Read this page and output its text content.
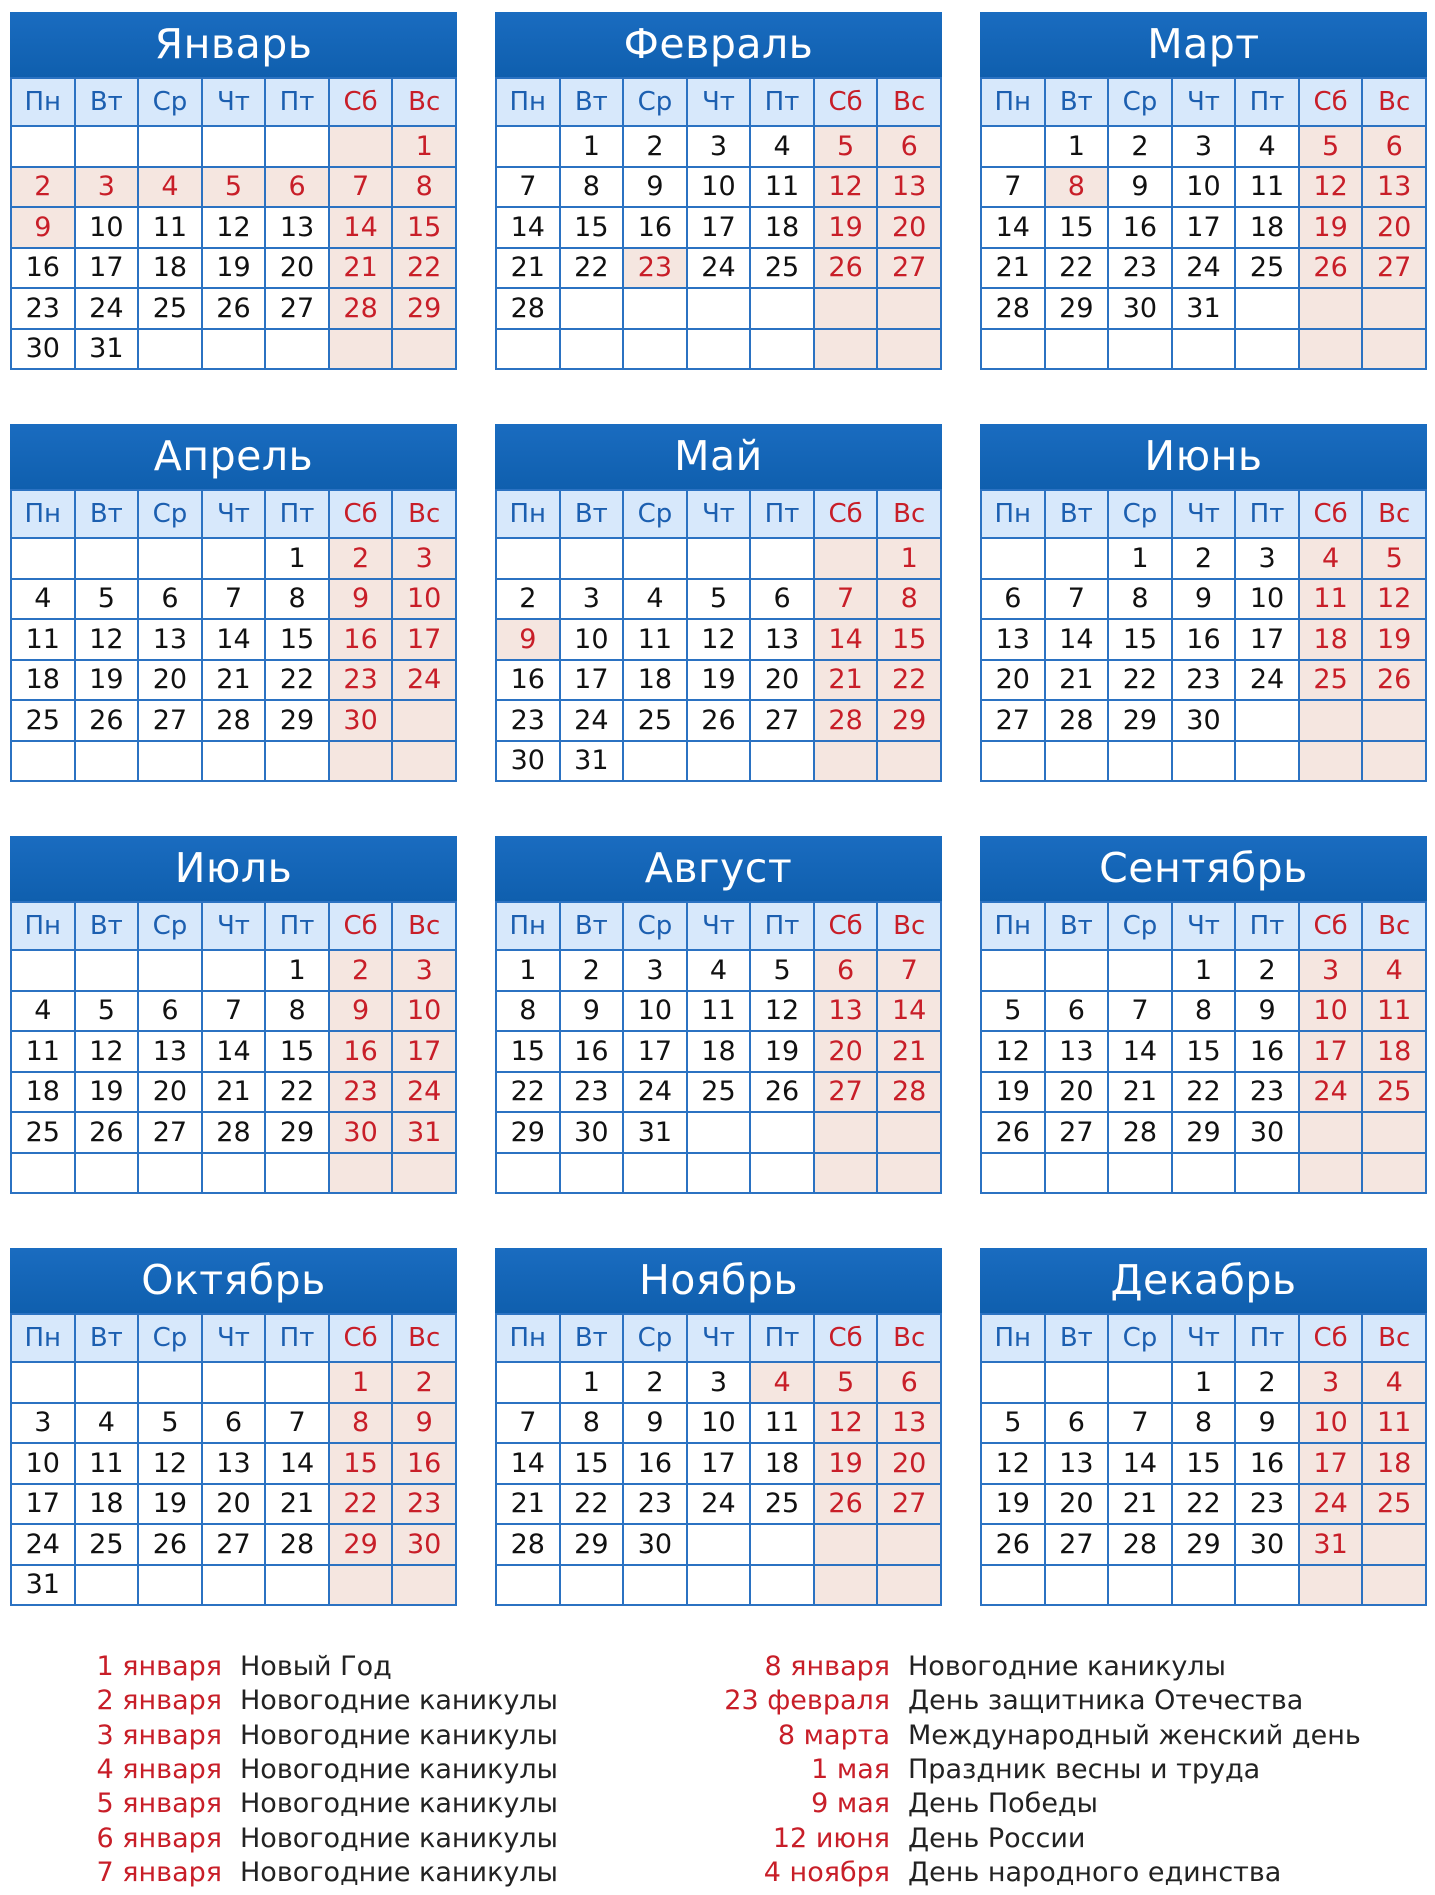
Январь
Пн	Вт	Ср	Чт	Пт	Сб	Вс
						1
2	3	4	5	6	7	8
9	10	11	12	13	14	15
16	17	18	19	20	21	22
23	24	25	26	27	28	29
30	31					
Февраль
Пн	Вт	Ср	Чт	Пт	Сб	Вс
	1	2	3	4	5	6
7	8	9	10	11	12	13
14	15	16	17	18	19	20
21	22	23	24	25	26	27
28						

Март
Пн	Вт	Ср	Чт	Пт	Сб	Вс
	1	2	3	4	5	6
7	8	9	10	11	12	13
14	15	16	17	18	19	20
21	22	23	24	25	26	27
28	29	30	31			

Апрель
Пн	Вт	Ср	Чт	Пт	Сб	Вс
				1	2	3
4	5	6	7	8	9	10
11	12	13	14	15	16	17
18	19	20	21	22	23	24
25	26	27	28	29	30	

Май
Пн	Вт	Ср	Чт	Пт	Сб	Вс
						1
2	3	4	5	6	7	8
9	10	11	12	13	14	15
16	17	18	19	20	21	22
23	24	25	26	27	28	29
30	31					
Июнь
Пн	Вт	Ср	Чт	Пт	Сб	Вс
		1	2	3	4	5
6	7	8	9	10	11	12
13	14	15	16	17	18	19
20	21	22	23	24	25	26
27	28	29	30			

Июль
Пн	Вт	Ср	Чт	Пт	Сб	Вс
				1	2	3
4	5	6	7	8	9	10
11	12	13	14	15	16	17
18	19	20	21	22	23	24
25	26	27	28	29	30	31

Август
Пн	Вт	Ср	Чт	Пт	Сб	Вс
1	2	3	4	5	6	7
8	9	10	11	12	13	14
15	16	17	18	19	20	21
22	23	24	25	26	27	28
29	30	31				

Сентябрь
Пн	Вт	Ср	Чт	Пт	Сб	Вс
			1	2	3	4
5	6	7	8	9	10	11
12	13	14	15	16	17	18
19	20	21	22	23	24	25
26	27	28	29	30		

Октябрь
Пн	Вт	Ср	Чт	Пт	Сб	Вс
					1	2
3	4	5	6	7	8	9
10	11	12	13	14	15	16
17	18	19	20	21	22	23
24	25	26	27	28	29	30
31						
Ноябрь
Пн	Вт	Ср	Чт	Пт	Сб	Вс
	1	2	3	4	5	6
7	8	9	10	11	12	13
14	15	16	17	18	19	20
21	22	23	24	25	26	27
28	29	30				

Декабрь
Пн	Вт	Ср	Чт	Пт	Сб	Вс
			1	2	3	4
5	6	7	8	9	10	11
12	13	14	15	16	17	18
19	20	21	22	23	24	25
26	27	28	29	30	31	

1 января Новый Год
2 января Новогодние каникулы
3 января Новогодние каникулы
4 января Новогодние каникулы
5 января Новогодние каникулы
6 января Новогодние каникулы
7 января Новогодние каникулы
8 января Новогодние каникулы
23 февраля День защитника Отечества
8 марта Международный женский день
1 мая Праздник весны и труда
9 мая День Победы
12 июня День России
4 ноября День народного единства
